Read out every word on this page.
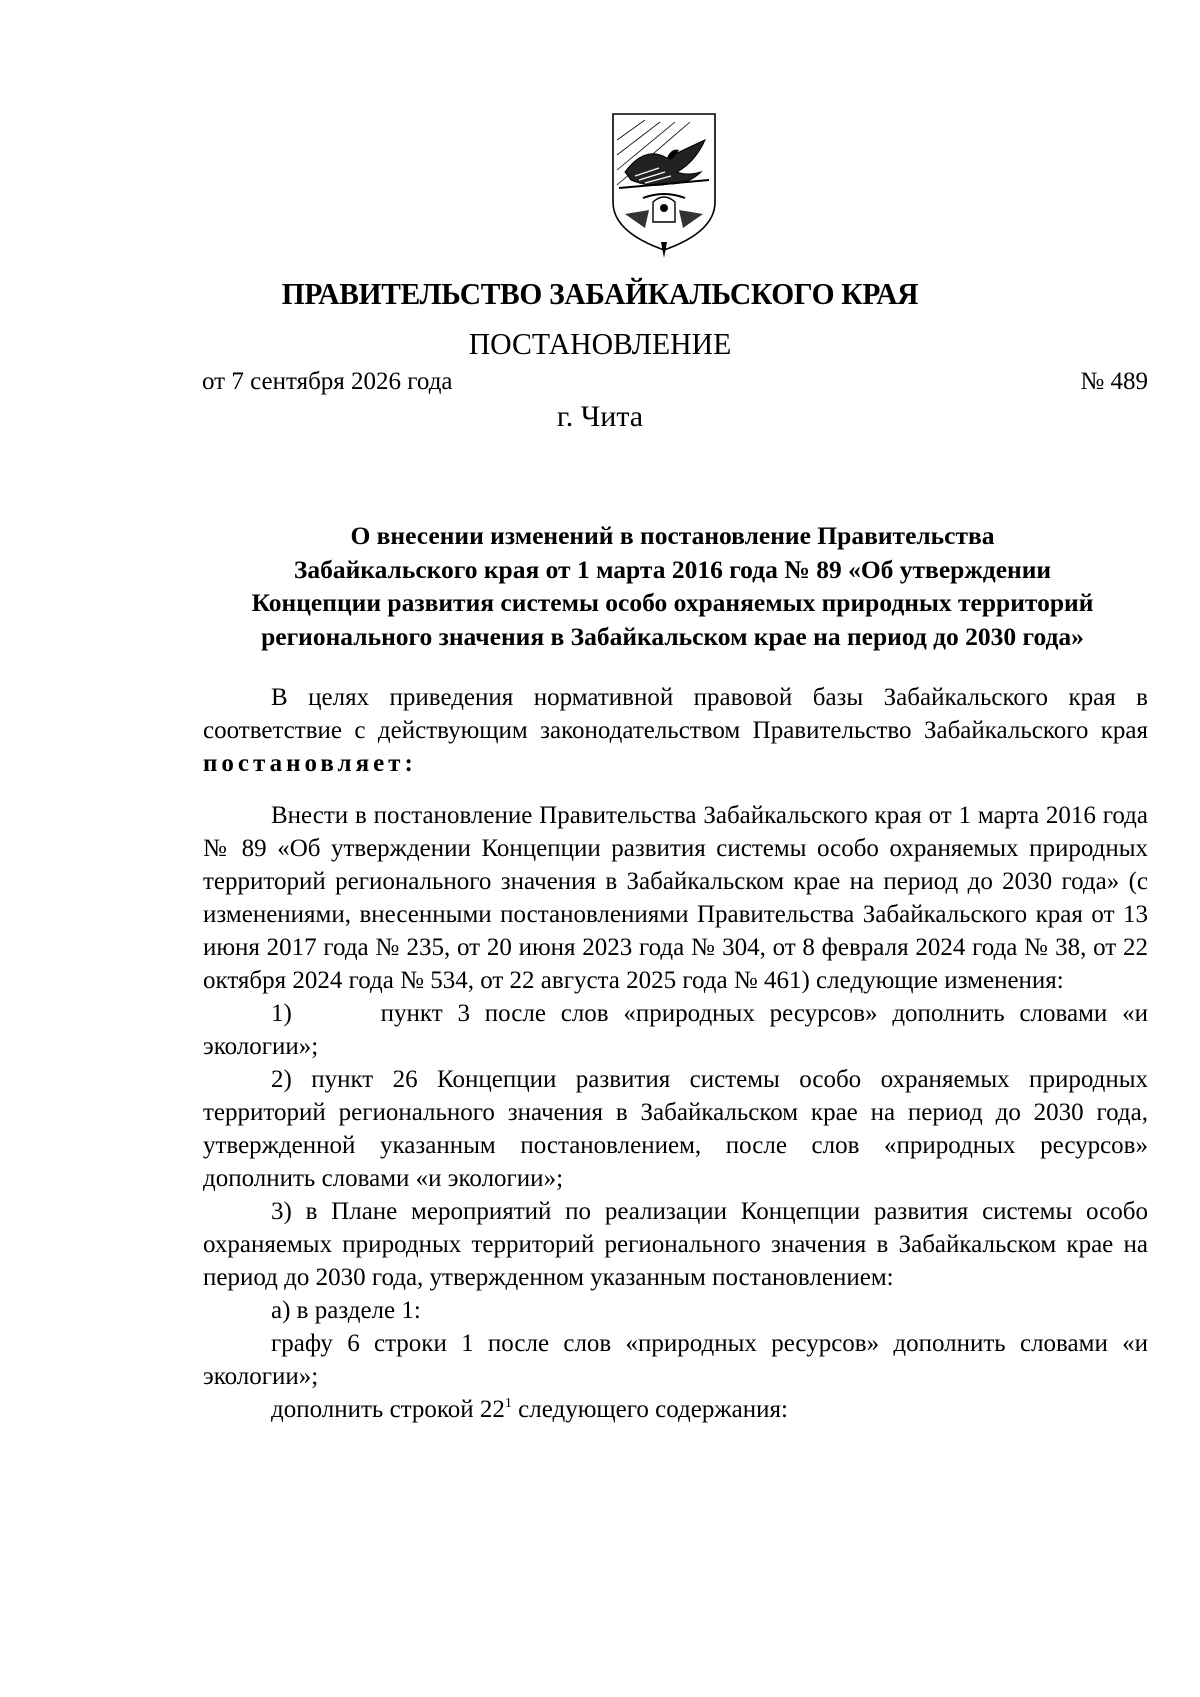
ПРАВИТЕЛЬСТВО ЗАБАЙКАЛЬСКОГО КРАЯ
ПОСТАНОВЛЕНИЕ
от 7 сентября 2026 года	№ 489
г. Чита
О внесении изменений в постановление Правительства
Забайкальского края от 1 марта 2016 года № 89 «Об утверждении
Концепции развития системы особо охраняемых природных территорий
регионального значения в Забайкальском крае на период до 2030 года»

В целях приведения нормативной правовой базы Забайкальского края в соответствие с действующим законодательством Правительство Забайкальского края постановляет:

Внести в постановление Правительства Забайкальского края от 1 марта 2016 года № 89 «Об утверждении Концепции развития системы особо охраняемых природных территорий регионального значения в Забайкальском крае на период до 2030 года» (с изменениями, внесенными постановлениями Правительства Забайкальского края от 13 июня 2017 года № 235, от 20 июня 2023 года № 304, от 8 февраля 2024 года № 38, от 22 октября 2024 года № 534, от 22 августа 2025 года № 461) следующие изменения:

1)      пункт 3 после слов «природных ресурсов» дополнить словами «и экологии»;

2) пункт 26 Концепции развития системы особо охраняемых природных территорий регионального значения в Забайкальском крае на период до 2030 года, утвержденной указанным постановлением, после слов «природных ресурсов» дополнить словами «и экологии»;

3) в Плане мероприятий по реализации Концепции развития системы особо охраняемых природных территорий регионального значения в Забайкальском крае на период до 2030 года, утвержденном указанным постановлением:

а) в разделе 1:

графу 6 строки 1 после слов «природных ресурсов» дополнить словами «и экологии»;

дополнить строкой $22^1$ следующего содержания:
